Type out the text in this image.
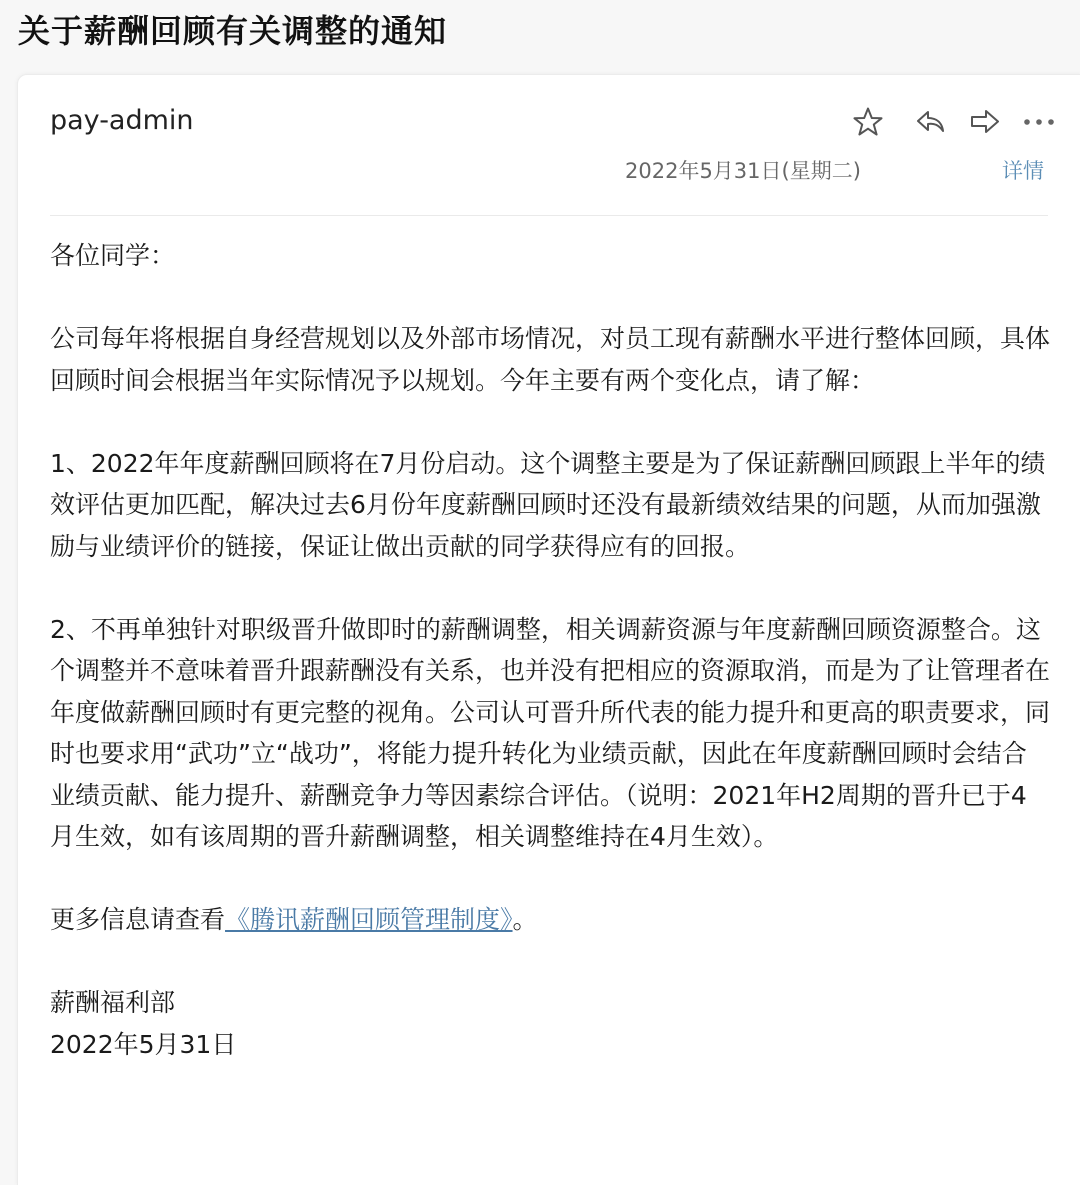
关于薪酬回顾有关调整的通知
pay-admin
2022年5月31日(星期二)	详情

各位同学：

公司每年将根据自身经营规划以及外部市场情况，对员工现有薪酬水平进行整体回顾，具体回顾时间会根据当年实际情况予以规划。今年主要有两个变化点，请了解：

1、2022年年度薪酬回顾将在7月份启动。这个调整主要是为了保证薪酬回顾跟上半年的绩效评估更加匹配，解决过去6月份年度薪酬回顾时还没有最新绩效结果的问题，从而加强激励与业绩评价的链接，保证让做出贡献的同学获得应有的回报。

2、不再单独针对职级晋升做即时的薪酬调整，相关调薪资源与年度薪酬回顾资源整合。这个调整并不意味着晋升跟薪酬没有关系，也并没有把相应的资源取消，而是为了让管理者在年度做薪酬回顾时有更完整的视角。公司认可晋升所代表的能力提升和更高的职责要求，同时也要求用“武功”立“战功”，将能力提升转化为业绩贡献，因此在年度薪酬回顾时会结合业绩贡献、能力提升、薪酬竞争力等因素综合评估。（说明：2021年H2周期的晋升已于4月生效，如有该周期的晋升薪酬调整，相关调整维持在4月生效）。

更多信息请查看《腾讯薪酬回顾管理制度》。

薪酬福利部

2022年5月31日
